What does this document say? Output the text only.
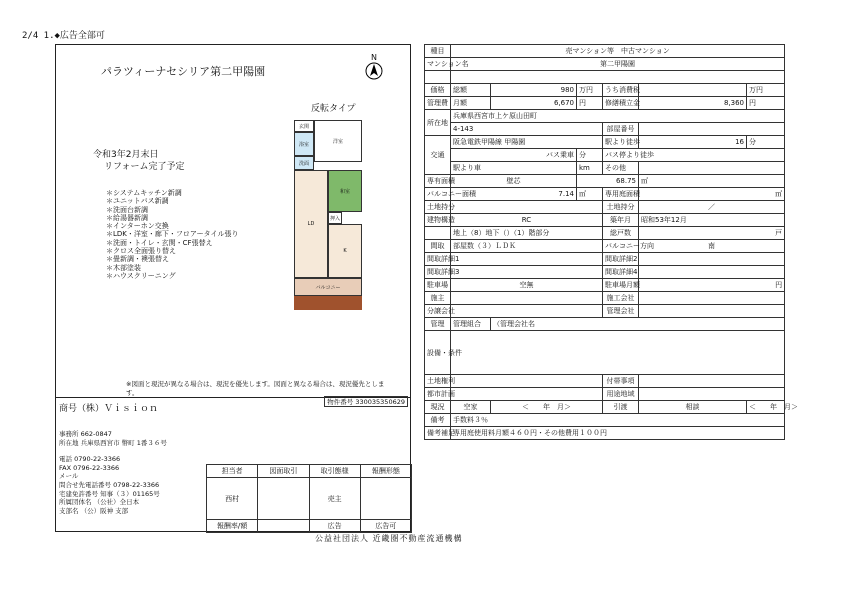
2/4 1.◆広告全部可
パラツィーナセシリア第二甲陽園
N
反転タイプ
令和3年2月末日
リフォーム完了予定
＊システムキッチン新調
＊ユニットバス新調
＊洗面台新調
＊給湯器新調
＊インターホン交換
＊LDK・洋室・廊下・フロアータイル張り
＊洗面・トイレ・玄関・CF張替え
＊クロス全面張り替え
＊畳新調・襖張替え
＊木部塗装
＊ハウスクリーニング
玄関
洋室
浴室
洗面
和室
押入
LD
K
バルコニー
※図面と現況が異なる場合は、現況を優先します。図面と異なる場合は、現況優先とします。
商号（株）Ｖｉｓｉｏｎ
物件番号 330035350629
事務所 662-0847
所在地 兵庫県西宮市 幣町 1番３６号
電話 0790-22-3366
FAX 0796-22-3366
メール
問合せ先電話番号 0798-22-3366
宅建免許番号 知事（３）01165号
所属団体名 （公社）全日本
支部名 （公）阪神 支部
担当者	図面取引	取引態様	報酬形態
西村		売主	
報酬率/額		広告	広告可
種目	売マンション等　中古マンション					
マンション名	第二甲陽園					

価格	総額	980	万円	うち消費税		万円
管理費	月額	6,670	円	修繕積立金	8,360	円
所在地	兵庫県西宮市上ケ原山田町					
	4-143			部屋番号		
交通	阪急電鉄甲陽線 甲陽園			駅より徒歩	16	分
	バス乗車		分	バス停より徒歩		
	駅より車		km	その他		
専有面積	壁芯		68.75		㎡	
バルコニー面積	7.14		㎡	専用庭面積	㎡	
土地持分				土地持分	／	
建物構造	RC			築年月	昭和53年12月	
	地上（8）地下（）（1）階部分			総戸数	戸	
間取	部屋数（３）ＬＤＫ			バルコニー方向	南	
間取詳細1				間取詳細2		
間取詳細3				間取詳細4		
駐車場	空無			駐車場月額	円	
施主				施工会社		
分譲会社				管理会社		
管理	管理組合	（管理会社名				
設備・条件						
土地権利				付帯事項		
都市計画				用途地域		
現況	空家	＜　　年　月＞		引渡	相談	＜　　年　月＞
備考	手数料３％					
備考補足	専用庭使用料月額４６０円・その他費用１００円					
公益社団法人 近畿圏不動産流通機構
